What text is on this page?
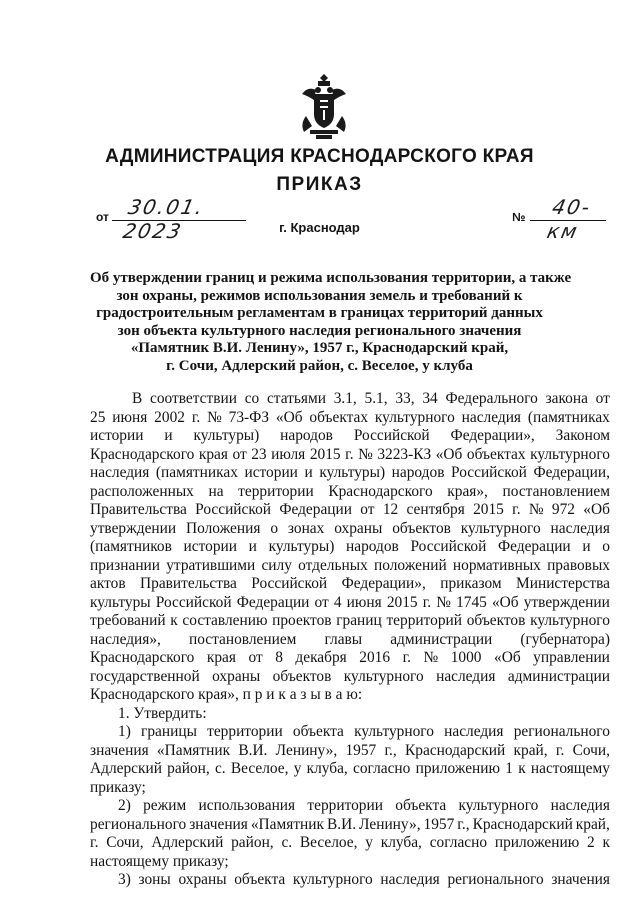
АДМИНИСТРАЦИЯ КРАСНОДАРСКОГО КРАЯ
ПРИКАЗ
от 30.01. 2023
№ 40-км
г. Краснодар
Об утверждении границ и режима использования территории, а также
зон охраны, режимов использования земель и требований к
градостроительным регламентам в границах территорий данных
зон объекта культурного наследия регионального значения
«Памятник В.И. Ленину», 1957 г., Краснодарский край,
г. Сочи, Адлерский район, с. Веселое, у клуба
В соответствии со статьями 3.1, 5.1, 33, 34 Федерального закона от
25 июня 2002 г. № 73-ФЗ «Об объектах культурного наследия (памятниках
истории и культуры) народов Российской Федерации», Законом
Краснодарского края от 23 июля 2015 г. № 3223-КЗ «Об объектах культурного
наследия (памятниках истории и культуры) народов Российской Федерации,
расположенных на территории Краснодарского края», постановлением
Правительства Российской Федерации от 12 сентября 2015 г. № 972 «Об
утверждении Положения о зонах охраны объектов культурного наследия
(памятников истории и культуры) народов Российской Федерации и о
признании утратившими силу отдельных положений нормативных правовых
актов Правительства Российской Федерации», приказом Министерства
культуры Российской Федерации от 4 июня 2015 г. № 1745 «Об утверждении
требований к составлению проектов границ территорий объектов культурного
наследия», постановлением главы администрации (губернатора)
Краснодарского края от 8 декабря 2016 г. № 1000 «Об управлении
государственной охраны объектов культурного наследия администрации
Краснодарского края», п р и к а з ы в а ю:
1. Утвердить:
1) границы территории объекта культурного наследия регионального
значения «Памятник В.И. Ленину», 1957 г., Краснодарский край, г. Сочи,
Адлерский район, с. Веселое, у клуба, согласно приложению 1 к настоящему
приказу;
2) режим использования территории объекта культурного наследия
регионального значения «Памятник В.И. Ленину», 1957 г., Краснодарский край,
г. Сочи, Адлерский район, с. Веселое, у клуба, согласно приложению 2 к
настоящему приказу;
3) зоны охраны объекта культурного наследия регионального значения
